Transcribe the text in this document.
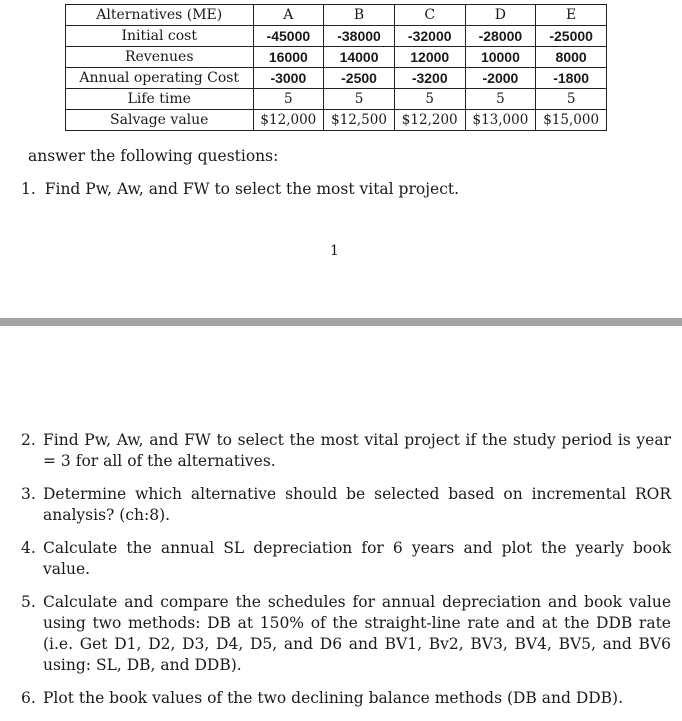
Alternatives (ME)	A	B	C	D	E
Initial cost	-45000	-38000	-32000	-28000	-25000
Revenues	16000	14000	12000	10000	8000
Annual operating Cost	-3000	-2500	-3200	-2000	-1800
Life time	5	5	5	5	5
Salvage value	$12,000	$12,500	$12,200	$13,000	$15,000
answer the following questions:
1. Find Pw, Aw, and FW to select the most vital project.
1
2. Find Pw, Aw, and FW to select the most vital project if the study period is year = 3 for all of the alternatives.
3. Determine which alternative should be selected based on incremental ROR analysis? (ch:8).
4. Calculate the annual SL depreciation for 6 years and plot the yearly book value.
5. Calculate and compare the schedules for annual depreciation and book value using two methods: DB at 150% of the straight-line rate and at the DDB rate (i.e. Get D1, D2, D3, D4, D5, and D6 and BV1, Bv2, BV3, BV4, BV5, and BV6 using: SL, DB, and DDB).
6. Plot the book values of the two declining balance methods (DB and DDB).
